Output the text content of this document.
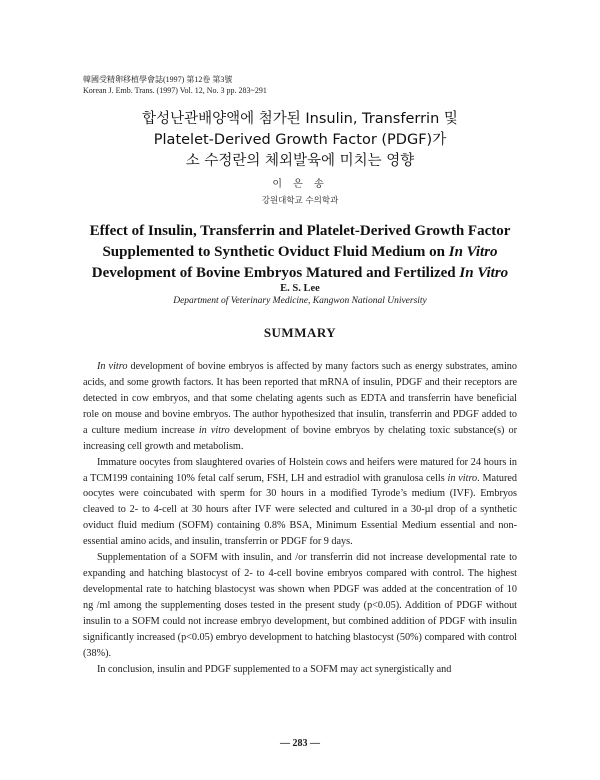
韓國受精卵移植學會誌(1997) 第12卷 第3號
Korean J. Emb. Trans. (1997) Vol. 12, No. 3 pp. 283~291
합성난관배양액에 첨가된 Insulin, Transferrin 및
Platelet-Derived Growth Factor (PDGF)가
소 수정란의 체외발육에 미치는 영향
이 은 송
강원대학교 수의학과
Effect of Insulin, Transferrin and Platelet-Derived Growth Factor
Supplemented to Synthetic Oviduct Fluid Medium on In Vitro
Development of Bovine Embryos Matured and Fertilized In Vitro
E. S. Lee
Department of Veterinary Medicine, Kangwon National University
SUMMARY

In vitro development of bovine embryos is affected by many factors such as energy substrates, amino acids, and some growth factors. It has been reported that mRNA of insulin, PDGF and their receptors are detected in cow embryos, and that some chelating agents such as EDTA and transferrin have beneficial role on mouse and bovine embryos. The author hypothesized that insulin, transferrin and PDGF added to a culture medium increase in vitro development of bovine embryos by chelating toxic substance(s) or increasing cell growth and metabolism.

Immature oocytes from slaughtered ovaries of Holstein cows and heifers were matured for 24 hours in a TCM199 containing 10% fetal calf serum, FSH, LH and estradiol with granulosa cells in vitro. Matured oocytes were coincubated with sperm for 30 hours in a modified Tyrode’s medium (IVF). Embryos cleaved to 2- to 4-cell at 30 hours after IVF were selected and cultured in a 30-µl drop of a synthetic oviduct fluid medium (SOFM) containing 0.8% BSA, Minimum Essential Medium essential and non-essential amino acids, and insulin, transferrin or PDGF for 9 days.

Supplementation of a SOFM with insulin, and /or transferrin did not increase developmental rate to expanding and hatching blastocyst of 2- to 4-cell bovine embryos compared with control. The highest developmental rate to hatching blastocyst was shown when PDGF was added at the concentration of 10 ng /ml among the supplementing doses tested in the present study (p<0.05). Addition of PDGF without insulin to a SOFM could not increase embryo development, but combined addition of PDGF with insulin significantly increased (p<0.05) embryo development to hatching blastocyst (50%) compared with control (38%).

In conclusion, insulin and PDGF supplemented to a SOFM may act synergistically and

— 283 —
